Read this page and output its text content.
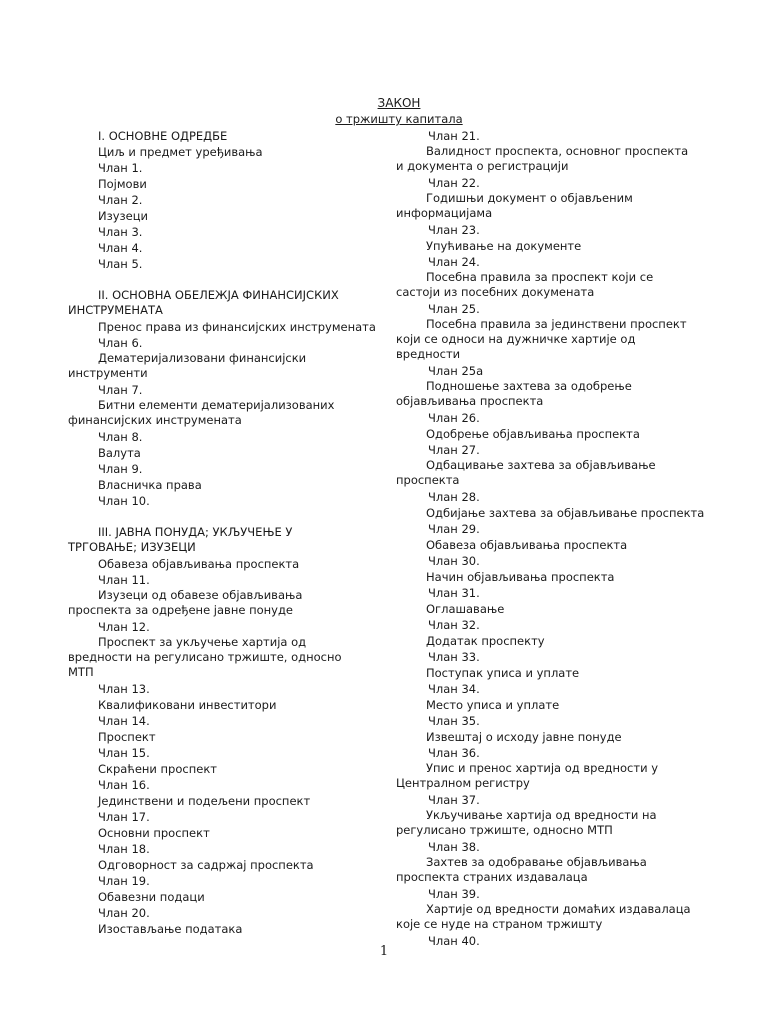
ЗАКОН
о тржишту капитала
I. ОСНОВНЕ ОДРЕДБЕ
Циљ и предмет уређивања
Члан 1.
Појмови
Члан 2.
Изузеци
Члан 3.
Члан 4.
Члан 5.
II. ОСНОВНА ОБЕЛЕЖЈА ФИНАНСИЈСКИХ ИНСТРУМЕНАТА
Пренос права из финансијских инструмената
Члан 6.
Дематеријализовани финансијски инструменти
Члан 7.
Битни елементи дематеријализованих финансијских инструмената
Члан 8.
Валута
Члан 9.
Власничка права
Члан 10.
III. ЈАВНА ПОНУДА; УКЉУЧЕЊЕ У ТРГОВАЊЕ; ИЗУЗЕЦИ
Обавеза објављивања проспекта
Члан 11.
Изузеци од обавезе објављивања проспекта за одређене јавне понуде
Члан 12.
Проспект за укључење хартија од вредности на регулисано тржиште, односно МТП
Члан 13.
Квалификовани инвеститори
Члан 14.
Проспект
Члан 15.
Скраћени проспект
Члан 16.
Јединствени и подељени проспект
Члан 17.
Основни проспект
Члан 18.
Одговорност за садржај проспекта
Члан 19.
Обавезни подаци
Члан 20.
Изостављање података
Члан 21.
Валидност проспекта, основног проспекта и документа о регистрацији
Члан 22.
Годишњи документ о објављеним информацијама
Члан 23.
Упућивање на документе
Члан 24.
Посебна правила за проспект који се састоји из посебних докумената
Члан 25.
Посебна правила за јединствени проспект који се односи на дужничке хартије од вредности
Члан 25а
Подношење захтева за одобрење објављивања проспекта
Члан 26.
Одобрење објављивања проспекта
Члан 27.
Одбацивање захтева за објављивање проспекта
Члан 28.
Одбијање захтева за објављивање проспекта
Члан 29.
Обавеза објављивања проспекта
Члан 30.
Начин објављивања проспекта
Члан 31.
Оглашавање
Члан 32.
Додатак проспекту
Члан 33.
Поступак уписа и уплате
Члан 34.
Место уписа и уплате
Члан 35.
Извештај о исходу јавне понуде
Члан 36.
Упис и пренос хартија од вредности у Централном регистру
Члан 37.
Укључивање хартија од вредности на регулисано тржиште, односно МТП
Члан 38.
Захтев за одобравање објављивања проспекта страних издавалаца
Члан 39.
Хартије од вредности домаћих издавалаца које се нуде на страном тржишту
Члан 40.
1
